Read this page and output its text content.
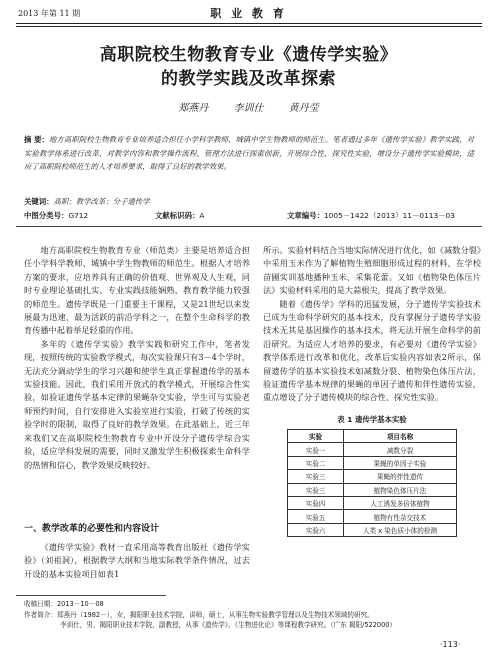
2013 年第 11 期	职 业 教 育
高职院校生物教育专业《遗传学实验》
的教学实践及改革探索
郑燕丹 李训仕 黄丹莹
摘 要：地方高职院校生物教育专业培养适合担任小学科学教师、城镇中学生物教师的师范生。笔者通过多年《遗传学实验》教学实践，对实验教学体系进行改革，对教学内容和教学操作流程、管理方法进行探索创新，开展综合性、探究性实验，增设分子遗传学实验模块，适应了高职院校师范生的人才培养要求，取得了良好的教学效果。
关键词：高职；教学改革；分子遗传学
中图分类号：G712	文献标识码：A	文章编号：1005－1422（2013）11－0113－03

地方高职院校生物教育专业（师范类）主要是培养适合担任小学科学教师、城镇中学生物教师的师范生。根据人才培养方案的要求，应培养具有正确的价值观、世界观及人生观，同时专业理论基础扎实、专业实践技能娴熟，教育教学能力较强的师范生。遗传学既是一门重要主干课程，又是21世纪以来发展最为迅速、最为活跃的前沿学科之一，在整个生命科学的教育传播中起着举足轻重的作用。

多年的《遗传学实验》教学实践和研究工作中，笔者发现，按照传统的实验教学模式，每次实验课只有3－4个学时，无法充分调动学生的学习兴趣和使学生真正掌握遗传学的基本实验技能。因此，我们采用开放式的教学模式，开展综合性实验，如验证遗传学基本定律的果蝇杂交实验，学生可与实验老师预约时间，自行安排进入实验室进行实验，打破了传统的实验学时的限制，取得了良好的教学效果。在此基础上，近三年来我们又在高职院校生物教育专业中开设分子遗传学综合实验，适应学科发展的需要，同时又激发学生积极探索生命科学的热情和信心，教学效果反映较好。

一、教学改革的必要性和内容设计

《遗传学实验》教材一直采用高等教育出版社《遗传学实验》（刘祖洞），根据教学大纲和当地实际教学条件情况，过去开设的基本实验项目如表1

所示。实验材料结合当地实际情况进行优化，如《减数分裂》中采用玉米作为了解植物生殖细胞形成过程的材料，在学校苗圃实训基地播种玉米、采集花蕾。又如《植物染色体压片法》实验材料采用的是大蒜根尖，提高了教学效果。

随着《遗传学》学科的迅猛发展，分子遗传学实验技术已成为生命科学研究的基本技术，没有掌握分子遗传学实验技术无其是基因操作的基本技术，将无法开展生命科学的前沿研究。为适应人才培养的要求，有必要对《遗传学实验》教学体系进行改革和优化，改革后实验内容如表2所示，保留遗传学的基本实验技术如减数分裂、植物染色体压片法，验证遗传学基本规律的果蝇的单因子遗传和伴性遗传实验，重点增设了分子遗传模块的综合性、探究性实验。

表 1 遗传学基本实验
实验	项目名称
实验一	减数分裂
实验二	果蝇的单因子实验
实验三	果蝇的伴性遗传
实验三	植物染色体压片法
实验四	人工诱发多倍体植物
实验五	植物有性杂交技术
实验六	人类 x 染色质小体的检测
收稿日期：2013－10－08
作者简介：郑燕丹（1982－），女，揭阳职业技术学院，讲师，硕士，从事生物实验教学管理以及生物技术领域的研究。
李训仕，男，揭阳职业技术学院，副教授，从事《遗传学》、《生物进化论》等课程教学研究。（广东 揭阳/522000）
·113·
